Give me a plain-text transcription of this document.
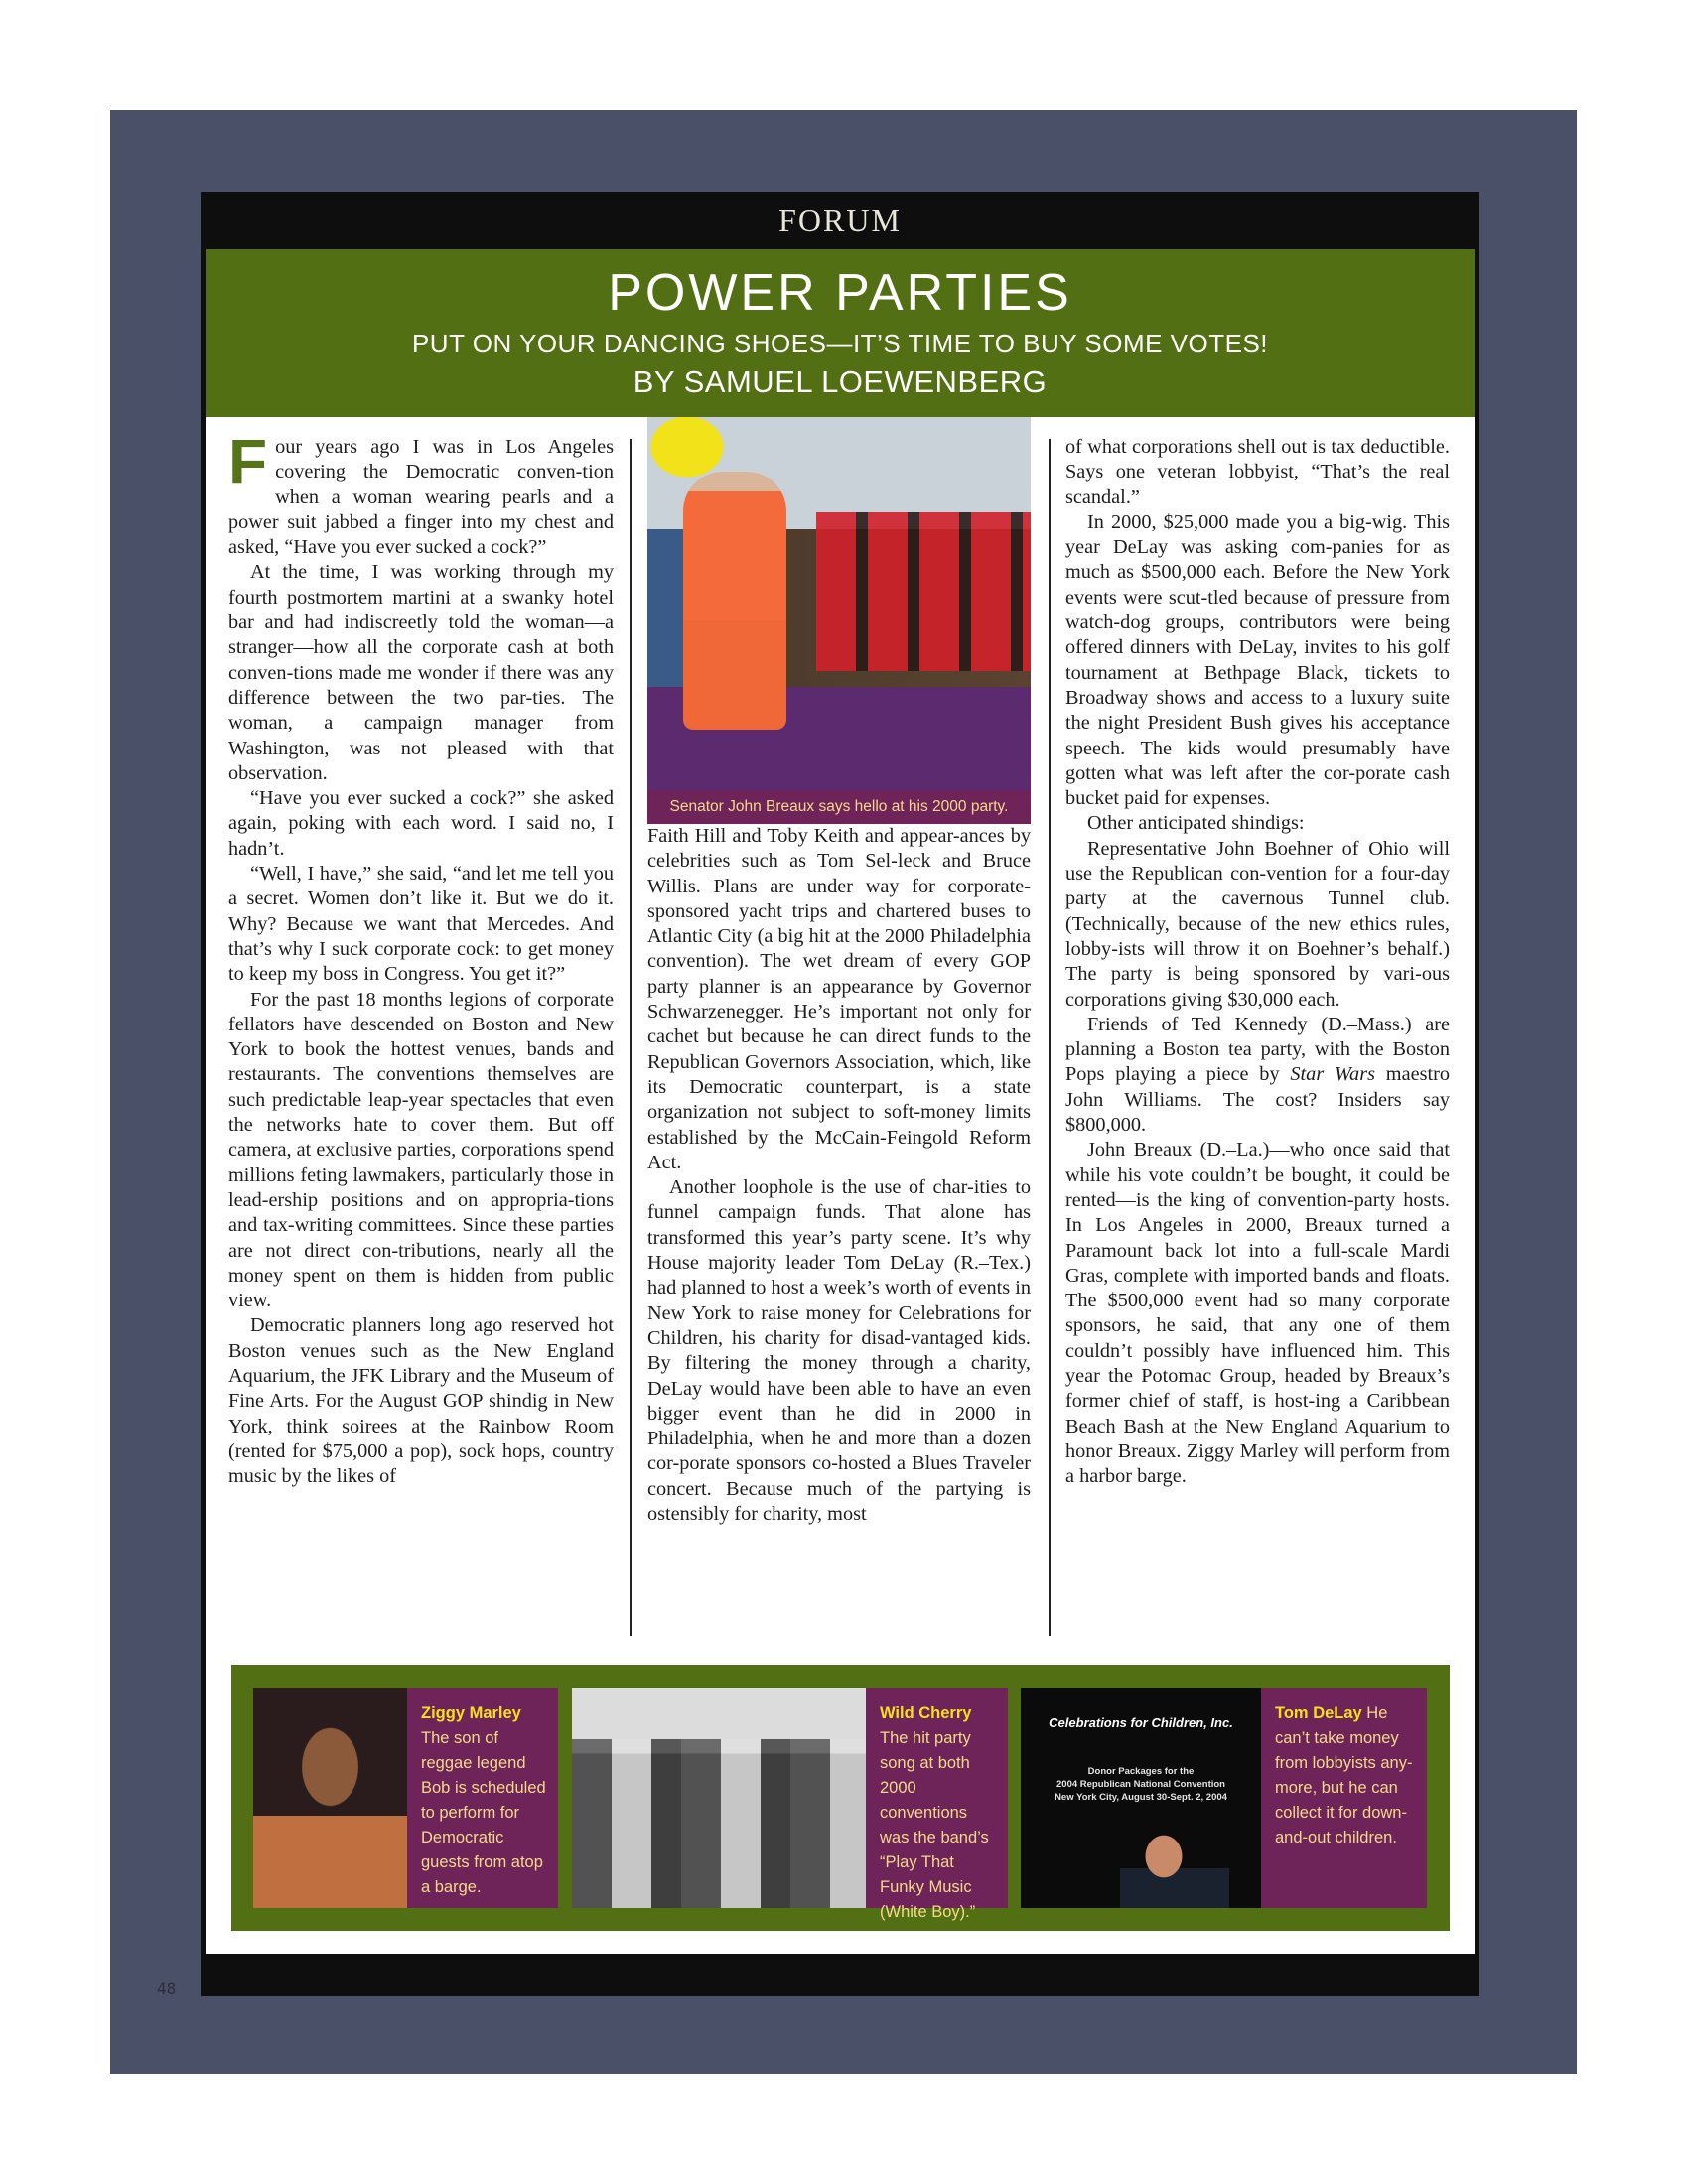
FORUM
POWER PARTIES
PUT ON YOUR DANCING SHOES—IT’S TIME TO BUY SOME VOTES!
BY SAMUEL LOEWENBERG
F our years ago I was in Los Angeles covering the Democratic conven-tion when a woman wearing pearls and a power suit jabbed a finger into my chest and asked, “Have you ever sucked a cock?”

At the time, I was working through my fourth postmortem martini at a swanky hotel bar and had indiscreetly told the woman—a stranger—how all the corporate cash at both conven-tions made me wonder if there was any difference between the two par-ties. The woman, a campaign manager from Washington, was not pleased with that observation.

“Have you ever sucked a cock?” she asked again, poking with each word. I said no, I hadn’t.

“Well, I have,” she said, “and let me tell you a secret. Women don’t like it. But we do it. Why? Because we want that Mercedes. And that’s why I suck corporate cock: to get money to keep my boss in Congress. You get it?”

For the past 18 months legions of corporate fellators have descended on Boston and New York to book the hottest venues, bands and restaurants. The conventions themselves are such predictable leap-year spectacles that even the networks hate to cover them. But off camera, at exclusive parties, corporations spend millions feting lawmakers, particularly those in lead-ership positions and on appropria-tions and tax-writing committees. Since these parties are not direct con-tributions, nearly all the money spent on them is hidden from public view.

Democratic planners long ago reserved hot Boston venues such as the New England Aquarium, the JFK Library and the Museum of Fine Arts. For the August GOP shindig in New York, think soirees at the Rainbow Room (rented for $75,000 a pop), sock hops, country music by the likes of

Senator John Breaux says hello at his 2000 party.

Faith Hill and Toby Keith and appear-ances by celebrities such as Tom Sel-leck and Bruce Willis. Plans are under way for corporate-sponsored yacht trips and chartered buses to Atlantic City (a big hit at the 2000 Philadelphia convention). The wet dream of every GOP party planner is an appearance by Governor Schwarzenegger. He’s important not only for cachet but because he can direct funds to the Republican Governors Association, which, like its Democratic counterpart, is a state organization not subject to soft-money limits established by the McCain-Feingold Reform Act.

Another loophole is the use of char-ities to funnel campaign funds. That alone has transformed this year’s party scene. It’s why House majority leader Tom DeLay (R.–Tex.) had planned to host a week’s worth of events in New York to raise money for Celebrations for Children, his charity for disad-vantaged kids. By filtering the money through a charity, DeLay would have been able to have an even bigger event than he did in 2000 in Philadelphia, when he and more than a dozen cor-porate sponsors co-hosted a Blues Traveler concert. Because much of the partying is ostensibly for charity, most

of what corporations shell out is tax deductible. Says one veteran lobbyist, “That’s the real scandal.”

In 2000, $25,000 made you a big-wig. This year DeLay was asking com-panies for as much as $500,000 each. Before the New York events were scut-tled because of pressure from watch-dog groups, contributors were being offered dinners with DeLay, invites to his golf tournament at Bethpage Black, tickets to Broadway shows and access to a luxury suite the night President Bush gives his acceptance speech. The kids would presumably have gotten what was left after the cor-porate cash bucket paid for expenses.

Other anticipated shindigs:

Representative John Boehner of Ohio will use the Republican con-vention for a four-day party at the cavernous Tunnel club. (Technically, because of the new ethics rules, lobby-ists will throw it on Boehner’s behalf.) The party is being sponsored by vari-ous corporations giving $30,000 each.

Friends of Ted Kennedy (D.–Mass.) are planning a Boston tea party, with the Boston Pops playing a piece by Star Wars maestro John Williams. The cost? Insiders say $800,000.

John Breaux (D.–La.)—who once said that while his vote couldn’t be bought, it could be rented—is the king of convention-party hosts. In Los Angeles in 2000, Breaux turned a Paramount back lot into a full-scale Mardi Gras, complete with imported bands and floats. The $500,000 event had so many corporate sponsors, he said, that any one of them couldn’t possibly have influenced him. This year the Potomac Group, headed by Breaux’s former chief of staff, is host-ing a Caribbean Beach Bash at the New England Aquarium to honor Breaux. Ziggy Marley will perform from a harbor barge.

Ziggy Marley The son of reggae legend Bob is scheduled to perform for Democratic guests from atop a barge.
Wild Cherry The hit party song at both 2000 conventions was the band’s “Play That Funky Music (White Boy).”
Celebrations for Children, Inc.
Donor Packages for the
2004 Republican National Convention
New York City, August 30-Sept. 2, 2004
Tom DeLay He can’t take money from lobbyists any-more, but he can collect it for down-and-out children.
48
